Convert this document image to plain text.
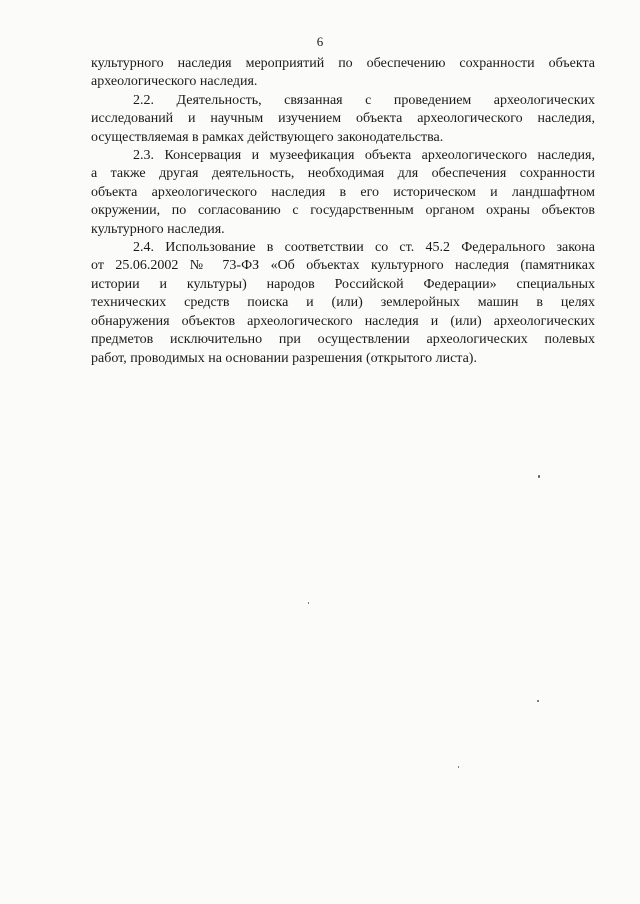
6

культурного наследия мероприятий по обеспечению сохранности объекта
археологического наследия.

2.2. Деятельность, связанная с проведением археологических
исследований и научным изучением объекта археологического наследия,
осуществляемая в рамках действующего законодательства.

2.3. Консервация и музеефикация объекта археологического наследия,
а также другая деятельность, необходимая для обеспечения сохранности
объекта археологического наследия в его историческом и ландшафтном
окружении, по согласованию с государственным органом охраны объектов
культурного наследия.

2.4. Использование в соответствии со ст. 45.2 Федерального закона
от 25.06.2002 № 73-ФЗ «Об объектах культурного наследия (памятниках
истории и культуры) народов Российской Федерации» специальных
технических средств поиска и (или) землеройных машин в целях
обнаружения объектов археологического наследия и (или) археологических
предметов исключительно при осуществлении археологических полевых
работ, проводимых на основании разрешения (открытого листа).
